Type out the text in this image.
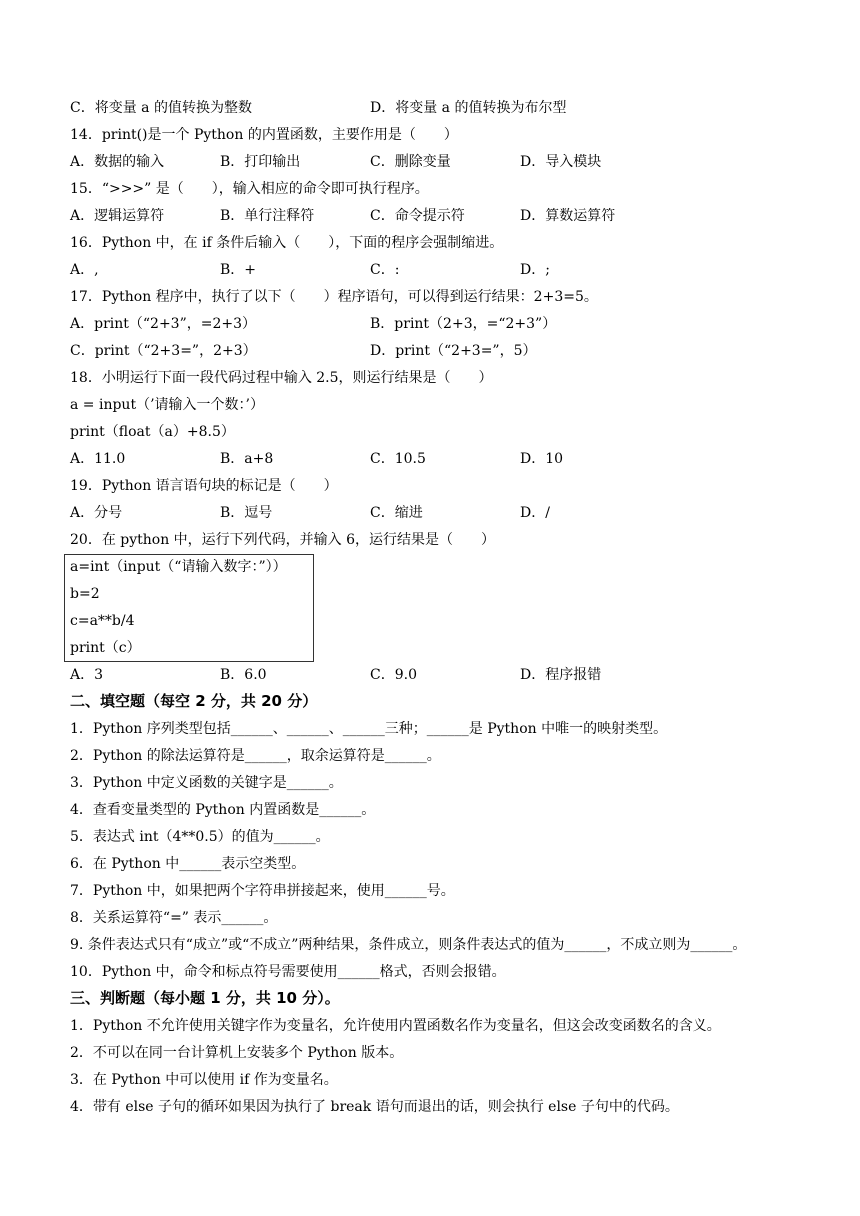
C．将变量 a 的值转换为整数	D．将变量 a 的值转换为布尔型
14．print()是一个 Python 的内置函数，主要作用是（　　）
A．数据的输入	B．打印输出	C．删除变量	D．导入模块
15．“>>>” 是（　　），输入相应的命令即可执行程序。
A．逻辑运算符	B．单行注释符	C．命令提示符	D．算数运算符
16．Python 中，在 if 条件后输入（　　），下面的程序会强制缩进。
A．,	B．+	C．:	D．;
17．Python 程序中，执行了以下（　　）程序语句，可以得到运行结果：2+3=5。
A．print（“2+3”，=2+3）	B．print（2+3，=“2+3”）
C．print（“2+3=”，2+3）	D．print（“2+3=”，5）
18．小明运行下面一段代码过程中输入 2.5，则运行结果是（　　）
a = input（’请输入一个数：’）
print（float（a）+8.5）
A．11.0	B．a+8	C．10.5	D．10
19．Python 语言语句块的标记是（　　）
A．分号	B．逗号	C．缩进	D．/
20．在 python 中，运行下列代码，并输入 6，运行结果是（　　）
a=int（input（“请输入数字：”））
b=2
c=a**b/4
print（c）
A．3	B．6.0	C．9.0	D．程序报错
二、填空题（每空 2 分，共 20 分）
1．Python 序列类型包括______、______、______三种；______是 Python 中唯一的映射类型。
2．Python 的除法运算符是______，取余运算符是______。
3．Python 中定义函数的关键字是______。
4．查看变量类型的 Python 内置函数是______。
5．表达式 int（4**0.5）的值为______。
6．在 Python 中______表示空类型。
7．Python 中，如果把两个字符串拼接起来，使用______号。
8．关系运算符“=” 表示______。
9. 条件表达式只有“成立”或“不成立”两种结果，条件成立，则条件表达式的值为______，不成立则为______。
10．Python 中，命令和标点符号需要使用______格式，否则会报错。
三、判断题（每小题 1 分，共 10 分）。
1．Python 不允许使用关键字作为变量名，允许使用内置函数名作为变量名，但这会改变函数名的含义。
2．不可以在同一台计算机上安装多个 Python 版本。
3．在 Python 中可以使用 if 作为变量名。
4．带有 else 子句的循环如果因为执行了 break 语句而退出的话，则会执行 else 子句中的代码。
